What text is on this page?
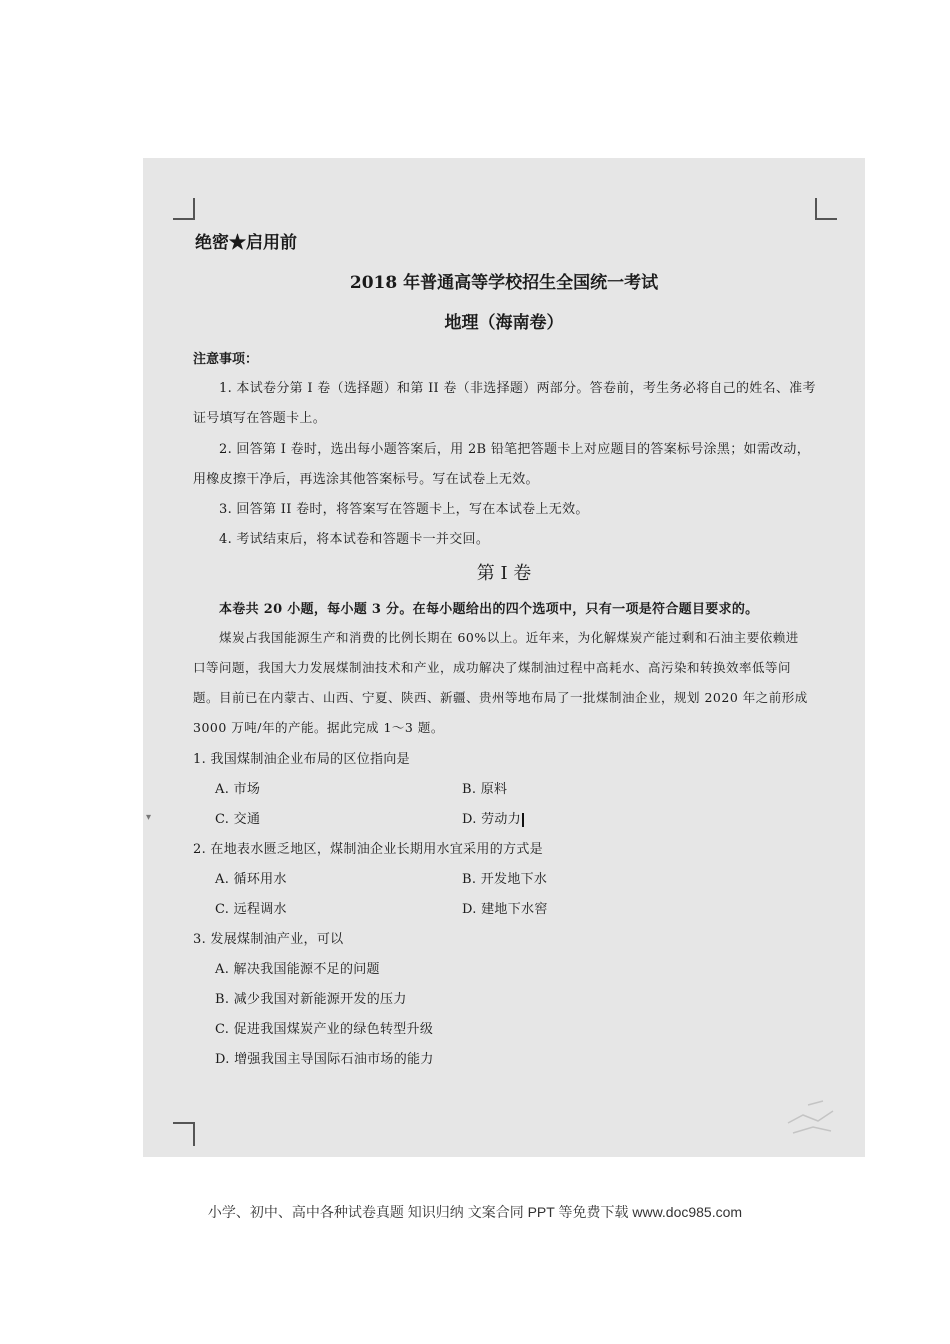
▾
绝密★启用前
2018 年普通高等学校招生全国统一考试
地理（海南卷）
注意事项：
1. 本试卷分第 I 卷（选择题）和第 II 卷（非选择题）两部分。答卷前，考生务必将自己的姓名、准考
证号填写在答题卡上。
2. 回答第 I 卷时，选出每小题答案后，用 2B 铅笔把答题卡上对应题目的答案标号涂黑；如需改动，
用橡皮擦干净后，再选涂其他答案标号。写在试卷上无效。
3. 回答第 II 卷时，将答案写在答题卡上，写在本试卷上无效。
4. 考试结束后，将本试卷和答题卡一并交回。
第 I 卷
本卷共 20 小题，每小题 3 分。在每小题给出的四个选项中，只有一项是符合题目要求的。
煤炭占我国能源生产和消费的比例长期在 60%以上。近年来，为化解煤炭产能过剩和石油主要依赖进
口等问题，我国大力发展煤制油技术和产业，成功解决了煤制油过程中高耗水、高污染和转换效率低等问
题。目前已在内蒙古、山西、宁夏、陕西、新疆、贵州等地布局了一批煤制油企业，规划 2020 年之前形成
3000 万吨/年的产能。据此完成 1～3 题。
1. 我国煤制油企业布局的区位指向是
A. 市场	B. 原料
C. 交通	D. 劳动力
2. 在地表水匮乏地区，煤制油企业长期用水宜采用的方式是
A. 循环用水	B. 开发地下水
C. 远程调水	D. 建地下水窖
3. 发展煤制油产业，可以
A. 解决我国能源不足的问题
B. 减少我国对新能源开发的压力
C. 促进我国煤炭产业的绿色转型升级
D. 增强我国主导国际石油市场的能力
小学、初中、高中各种试卷真题 知识归纳 文案合同 PPT 等免费下载 www.doc985.com
